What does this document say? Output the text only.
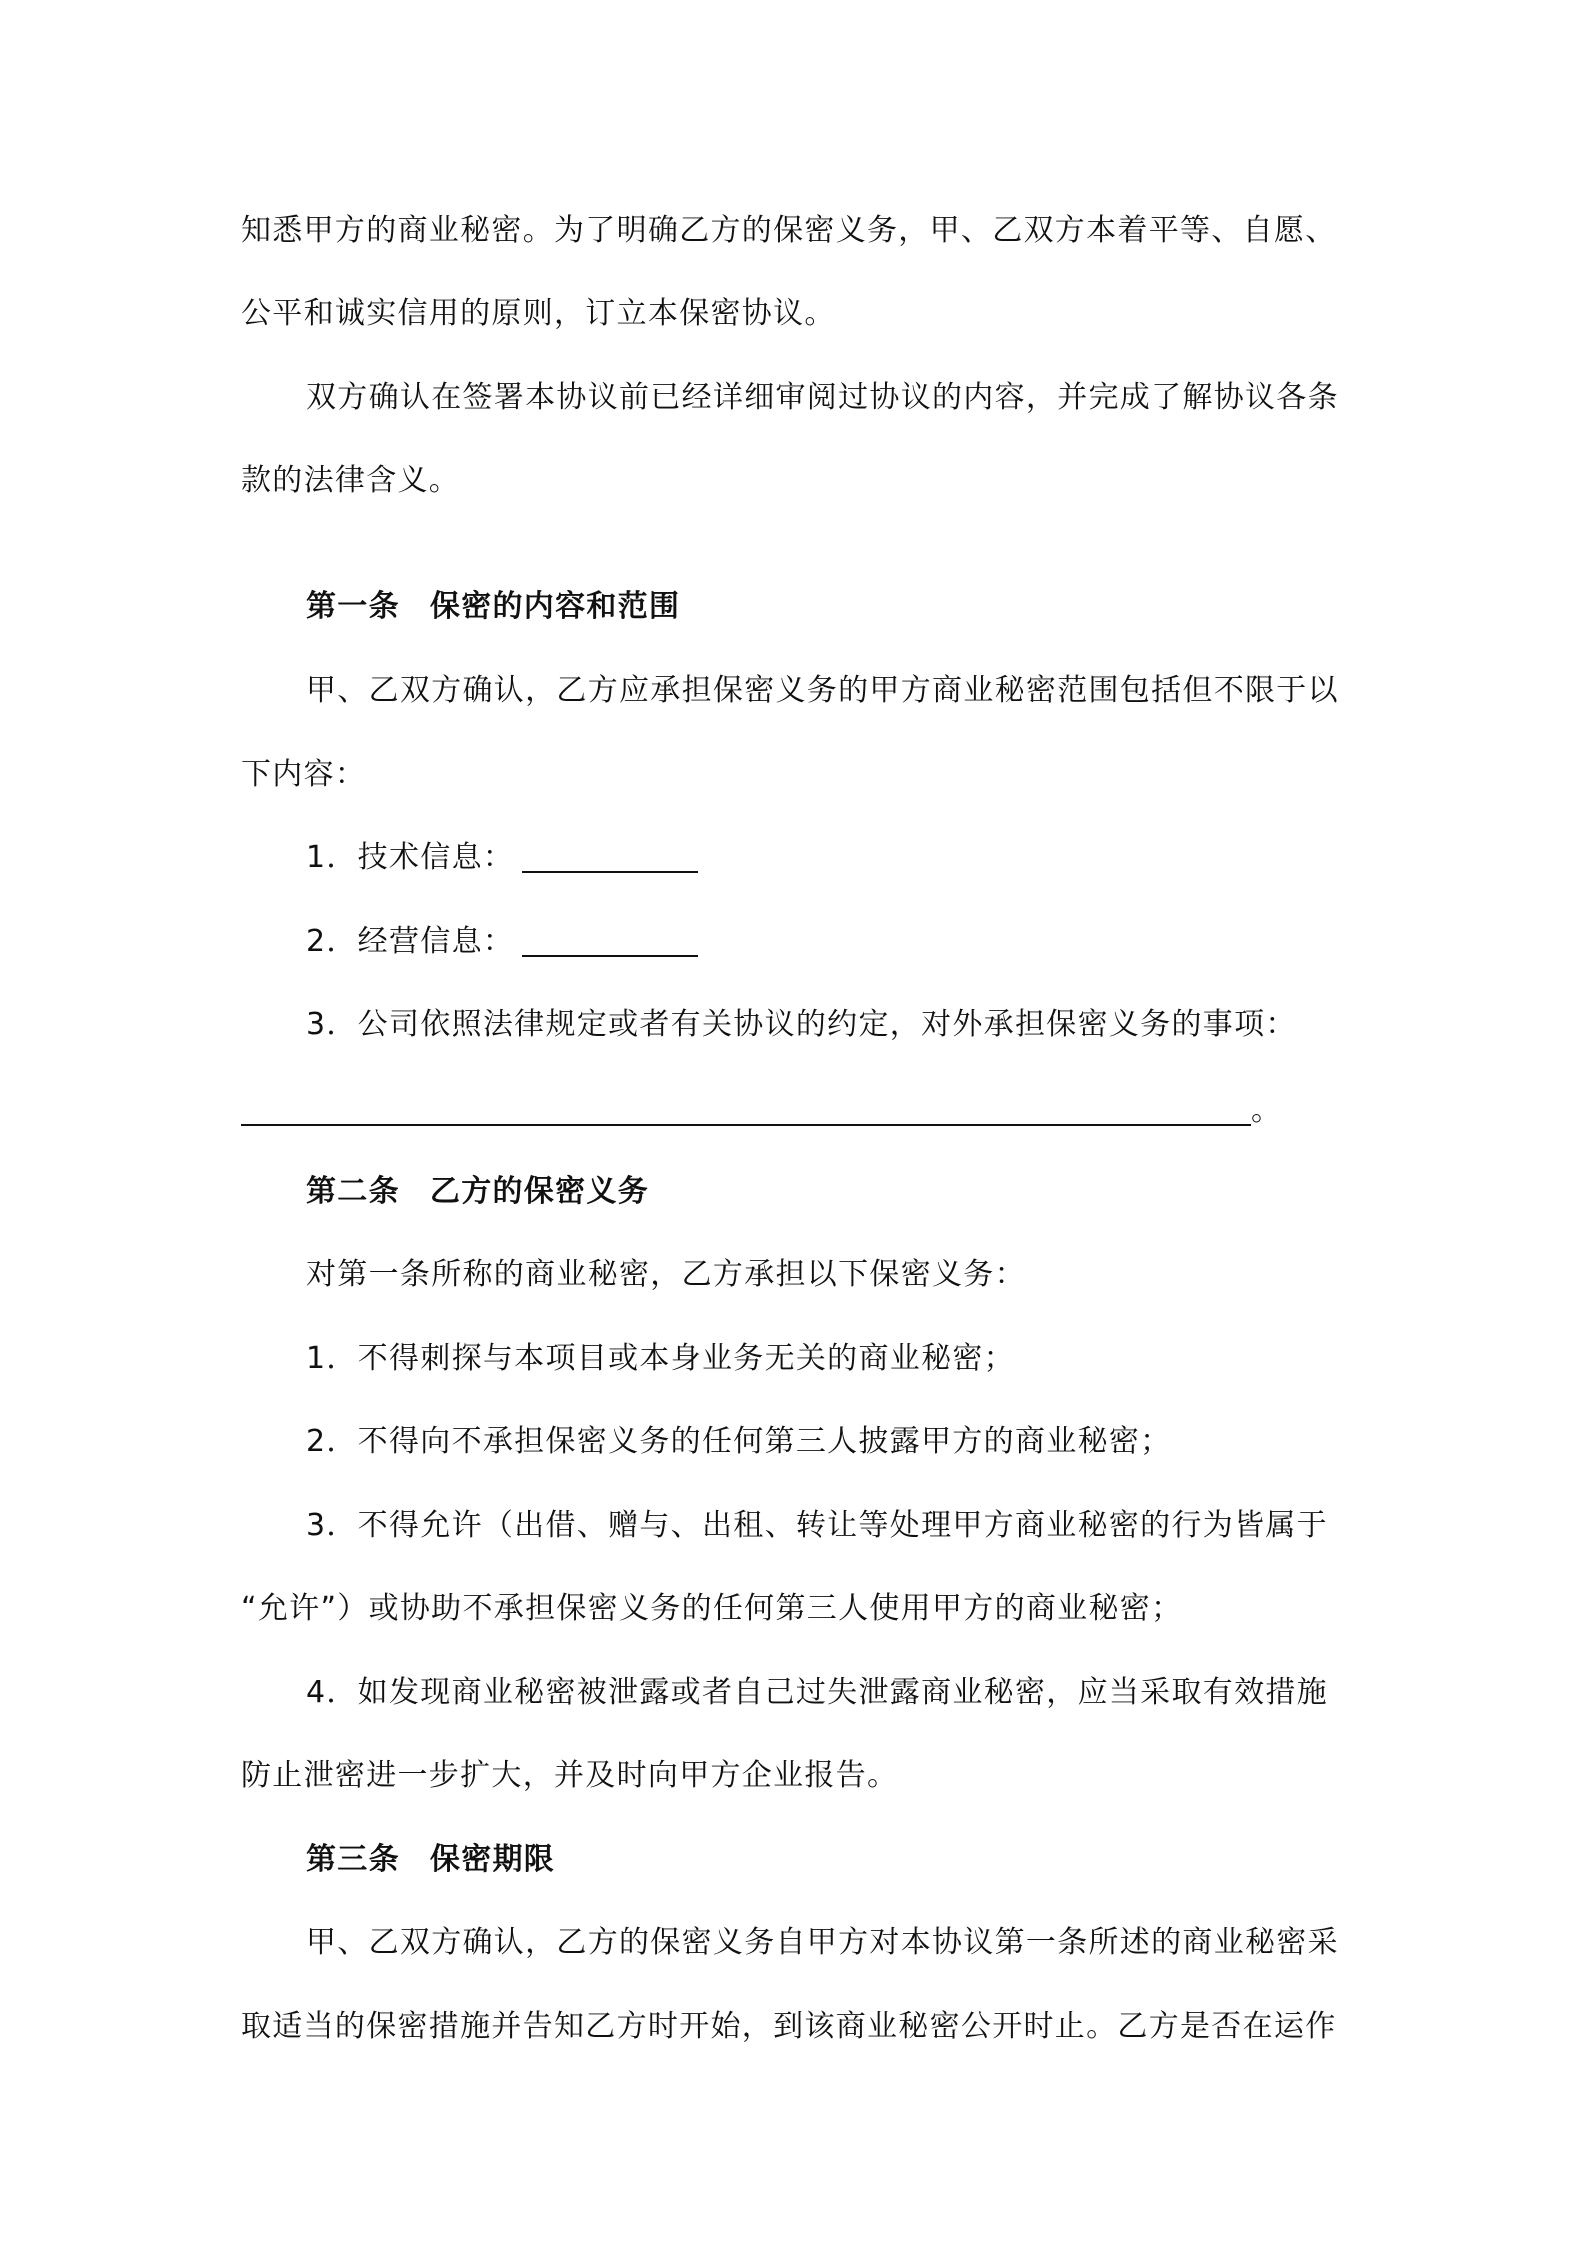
知悉甲方的商业秘密。为了明确乙方的保密义务，甲、乙双方本着平等、自愿、
公平和诚实信用的原则，订立本保密协议。
双方确认在签署本协议前已经详细审阅过协议的内容，并完成了解协议各条
款的法律含义。
第一条 保密的内容和范围
甲、乙双方确认，乙方应承担保密义务的甲方商业秘密范围包括但不限于以
下内容：
1．技术信息：
2．经营信息：
3．公司依照法律规定或者有关协议的约定，对外承担保密义务的事项：
。
第二条 乙方的保密义务
对第一条所称的商业秘密，乙方承担以下保密义务：
1．不得刺探与本项目或本身业务无关的商业秘密；
2．不得向不承担保密义务的任何第三人披露甲方的商业秘密；
3．不得允许（出借、赠与、出租、转让等处理甲方商业秘密的行为皆属于
“允许”）或协助不承担保密义务的任何第三人使用甲方的商业秘密；
4．如发现商业秘密被泄露或者自己过失泄露商业秘密，应当采取有效措施
防止泄密进一步扩大，并及时向甲方企业报告。
第三条 保密期限
甲、乙双方确认，乙方的保密义务自甲方对本协议第一条所述的商业秘密采
取适当的保密措施并告知乙方时开始，到该商业秘密公开时止。乙方是否在运作
